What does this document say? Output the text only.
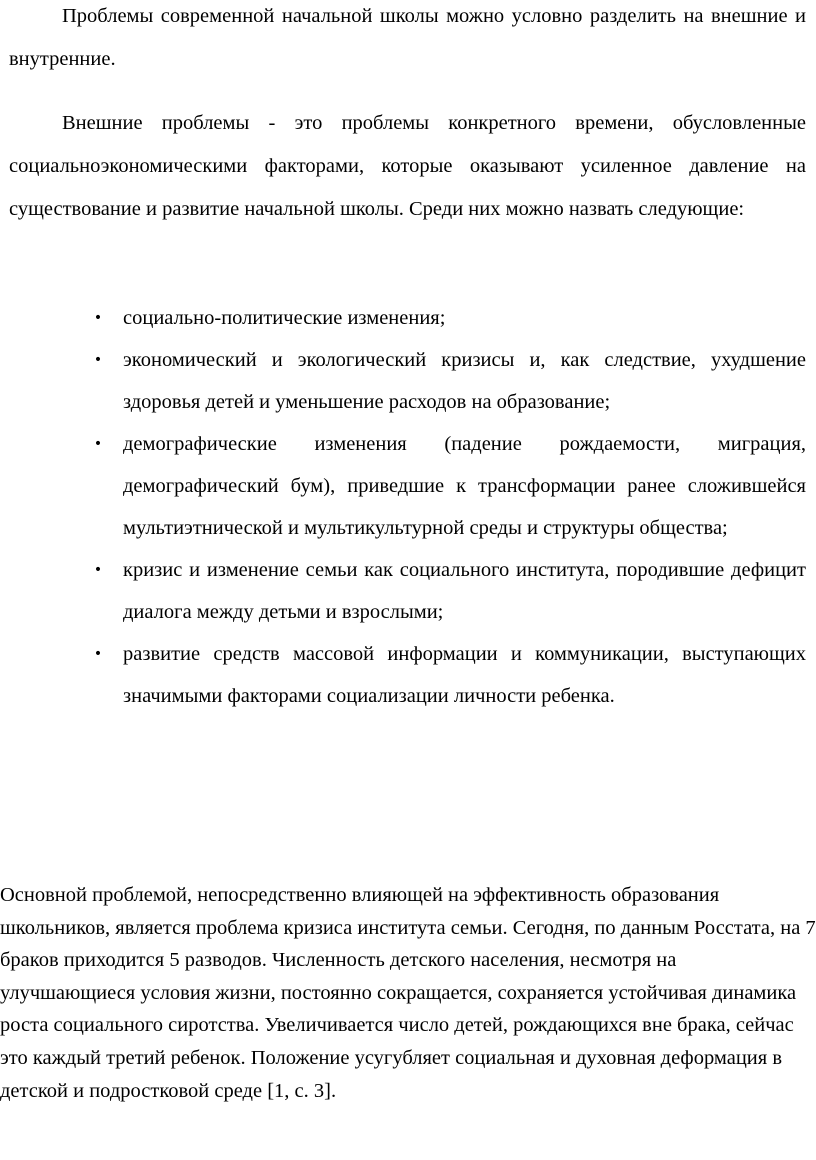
Проблемы современной начальной школы можно условно разделить на внешние и внутренние.

Внешние проблемы - это проблемы конкретного времени, обусловленные социальноэкономическими факторами, которые оказывают усиленное давление на существование и развитие начальной школы. Среди них можно назвать следующие:

• социально-политические изменения;
• экономический и экологический кризисы и, как следствие, ухудшение здоровья детей и уменьшение расходов на образование;
• демографические изменения (падение рождаемости, миграция, демографический бум), приведшие к трансформации ранее сложившейся мультиэтнической и мультикультурной среды и структуры общества;
• кризис и изменение семьи как социального института, породившие дефицит диалога между детьми и взрослыми;
• развитие средств массовой информации и коммуникации, выступающих значимыми факторами социализации личности ребенка.

Основной проблемой, непосредственно влияющей на эффективность образования школьников, является проблема кризиса института семьи. Сегодня, по данным Росстата, на 7 браков приходится 5 разводов. Численность детского населения, несмотря на улучшающиеся условия жизни, постоянно сокращается, сохраняется устойчивая динамика роста социального сиротства. Увеличивается число детей, рождающихся вне брака, сейчас это каждый третий ребенок. Положение усугубляет социальная и духовная деформация в детской и подростковой среде [1, с. 3].
